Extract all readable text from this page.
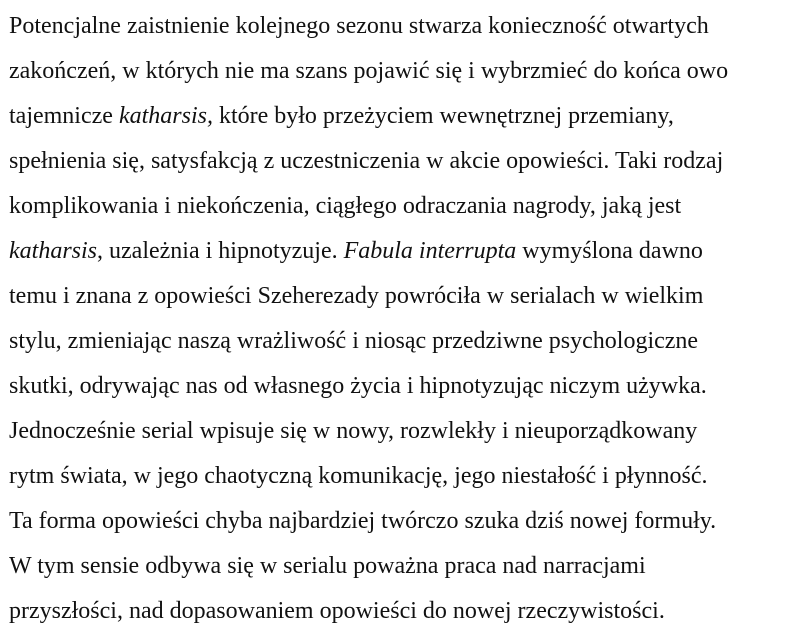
Potencjalne zaistnienie kolejnego sezonu stwarza konieczność otwartych
zakończeń, w których nie ma szans pojawić się i wybrzmieć do końca owo
tajemnicze katharsis, które było przeżyciem wewnętrznej przemiany,
spełnienia się, satysfakcją z uczestniczenia w akcie opowieści. Taki rodzaj
komplikowania i niekończenia, ciągłego odraczania nagrody, jaką jest
katharsis, uzależnia i hipnotyzuje. Fabula interrupta wymyślona dawno
temu i znana z opowieści Szeherezady powróciła w serialach w wielkim
stylu, zmieniając naszą wrażliwość i niosąc przedziwne psychologiczne
skutki, odrywając nas od własnego życia i hipnotyzując niczym używka.
Jednocześnie serial wpisuje się w nowy, rozwlekły i nieuporządkowany
rytm świata, w jego chaotyczną komunikację, jego niestałość i płynność.
Ta forma opowieści chyba najbardziej twórczo szuka dziś nowej formuły.
W tym sensie odbywa się w serialu poważna praca nad narracjami
przyszłości, nad dopasowaniem opowieści do nowej rzeczywistości.
